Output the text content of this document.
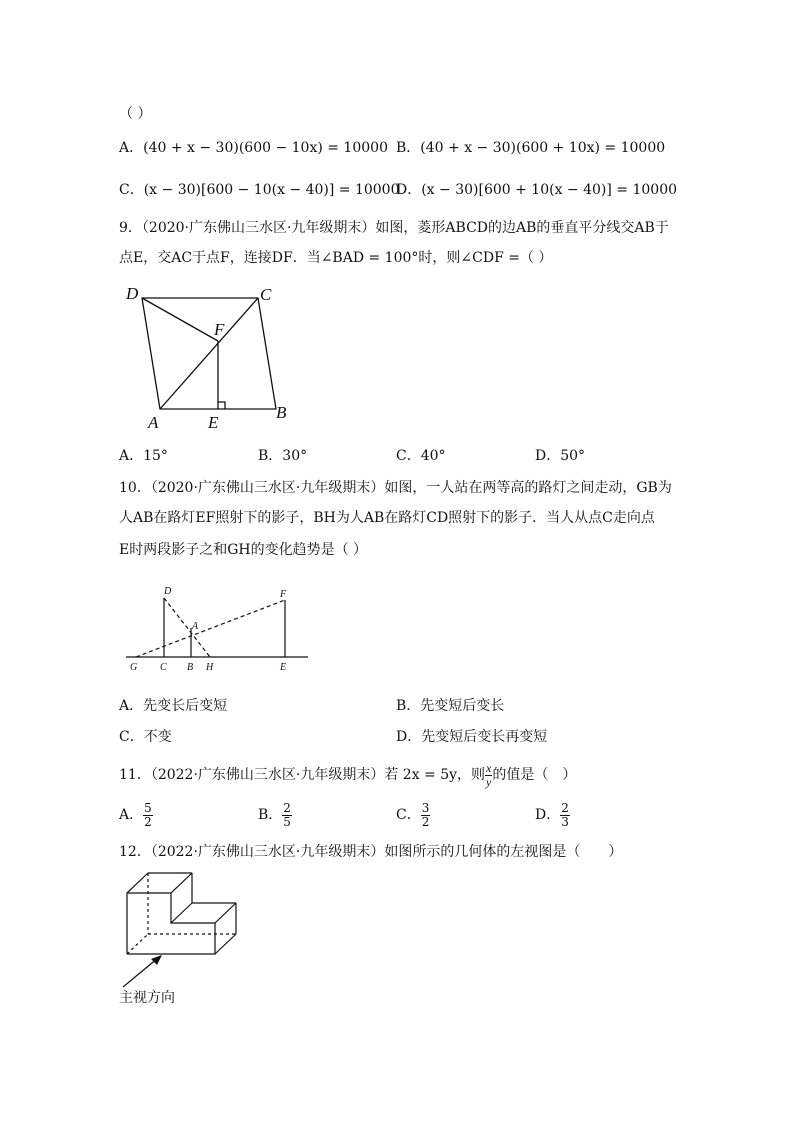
（ ）
A．(40 + x − 30)(600 − 10x) = 10000 B．(40 + x − 30)(600 + 10x) = 10000
C．(x − 30)[600 − 10(x − 40)] = 10000
D．(x − 30)[600 + 10(x − 40)] = 10000
9．（2020·广东佛山三水区·九年级期末）如图，菱形ABCD的边AB的垂直平分线交AB于
点E，交AC于点F，连接DF．当∠BAD = 100°时，则∠CDF =（ ）
D	C
F
A	E
B
A．15°	B．30°	C．40°	D．50°
10．（2020·广东佛山三水区·九年级期末）如图，一人站在两等高的路灯之间走动，GB为
人AB在路灯EF照射下的影子，BH为人AB在路灯CD照射下的影子．当人从点C走向点
E时两段影子之和GH的变化趋势是（ ）
D	F
A
G C B H	E
A．先变长后变短	B．先变短后变长
C．不变	D．先变短后变长再变短
11．（2022·广东佛山三水区·九年级期末）若 2x = 5y，则 $\frac{x}{y}$ 的值是（　）
A． $\frac{5}{2}$	B． $\frac{2}{5}$	C． $\frac{3}{2}$	D． $\frac{2}{3}$
12．（2022·广东佛山三水区·九年级期末）如图所示的几何体的左视图是（　　）
主视方向
